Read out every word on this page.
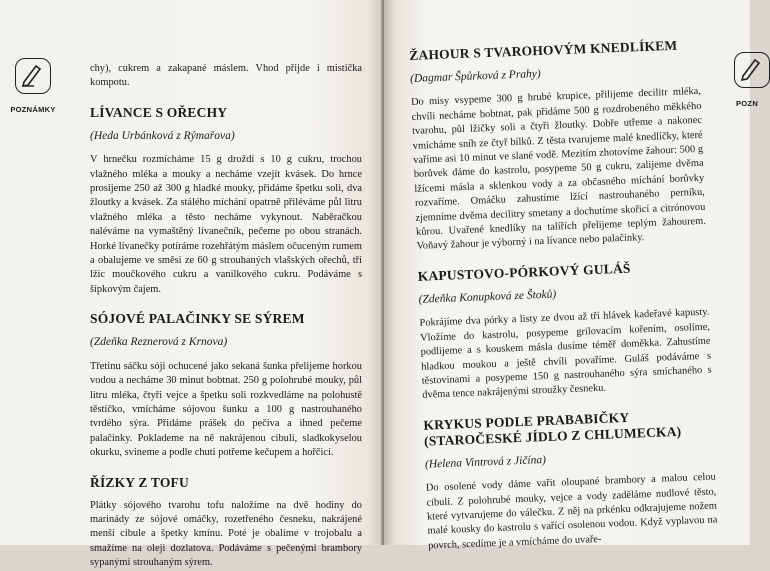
POZNÁMKY

chy), cukrem a zakapané máslem. Vhod přijde i mistička kompotu.

LÍVANCE S OŘECHY
(Heda Urbánková z Rýmařova)

V hrnečku rozmícháme 15 g droždí s 10 g cukru, trochou vlažného mléka a mouky a necháme vzejít kvásek. Do hrnce prosijeme 250 až 300 g hladké mouky, přidáme špetku soli, dva žloutky a kvásek. Za stálého míchání opatrně přiléváme půl litru vlažného mléka a těsto necháme vykynout. Naběračkou naléváme na vymaštěný lívanečník, pečeme po obou stranách. Horké lívanečky potíráme rozehřátým máslem očuceným rumem a obalujeme ve směsi ze 60 g strouhaných vlašských ořechů, tří lžic moučkového cukru a vanilkového cukru. Podáváme s šípkovým čajem.

SÓJOVÉ PALAČINKY SE SÝREM
(Zdeňka Reznerová z Krnova)

Třetinu sáčku sóji ochucené jako sekaná šunka přelijeme horkou vodou a necháme 30 minut bobtnat. 250 g polohrubé mouky, půl litru mléka, čtyři vejce a špetku soli rozkvedláme na polohustě těstíčko, vmícháme sójovou šunku a 100 g nastrouhaného tvrdého sýra. Přidáme prášek do pečiva a ihned pečeme palačinky. Poklademe na ně nakrájenou cibuli, sladkokyselou okurku, svineme a podle chuti potřeme kečupem a hořčicí.

ŘÍZKY Z TOFU

Plátky sójového tvarohu tofu naložíme na dvě hodiny do marinády ze sójové omáčky, rozetřeného česneku, nakrájené menší cibule a špetky kmínu. Poté je obalíme v trojobalu a smažíme na oleji dozlatova. Podáváme s pečenými brambory sypanými strouhaným sýrem.

ŽAHOUR S TVAROHOVÝM KNEDLÍKEM
(Dagmar Špůrková z Prahy)

Do misy vsypeme 300 g hrubé krupice, přilijeme decilitr mléka, chvíli necháme bobtnat, pak přidáme 500 g rozdrobeného měkkého tvarohu, půl lžičky soli a čtyři žloutky. Dobře utřeme a nakonec vmícháme sníh ze čtyř bílků. Z těsta tvarujeme malé knedlíčky, které vaříme asi 10 minut ve slané vodě. Mezitím zhotovíme žahour: 500 g borůvek dáme do kastrolu, posypeme 50 g cukru, zalijeme dvěma lžícemi másla a sklenkou vody a za občasného míchání borůvky rozvaříme. Omáčku zahustíme lžící nastrouhaného perníku, zjemníme dvěma decilitry smetany a dochutíme skořicí a citrónovou kůrou. Uvařené knedlíky na talířích přelijeme teplým žahourem. Voňavý žahour je výborný i na lívance nebo palačinky.

KAPUSTOVO-PÓRKOVÝ GULÁŠ
(Zdeňka Konupková ze Štoků)

Pokrájíme dva pórky a listy ze dvou až tří hlávek kadeřavé kapusty. Vložíme do kastrolu, posypeme grilovacím kořením, osolíme, podlijeme a s kouskem másla dusíme téměř doměkka. Zahustíme hladkou moukou a ještě chvíli povaříme. Guláš podáváme s těstovinami a posypeme 150 g nastrouhaného sýra smíchaného s dvěma tence nakrájenými stroužky česneku.

KRYKUS PODLE PRABABIČKY (STAROČESKÉ JÍDLO Z CHLUMECKA)
(Helena Vintrová z Jičína)

Do osolené vody dáme vařit oloupané brambory a malou celou cibuli. Z polohrubé mouky, vejce a vody zaděláme nudlové těsto, které vytvarujeme do válečku. Z něj na prkénku odkrajujeme nožem malé kousky do kastrolu s vařící osolenou vodou. Když vyplavou na povrch, scedíme je a vmícháme do uvaře-

POZN
